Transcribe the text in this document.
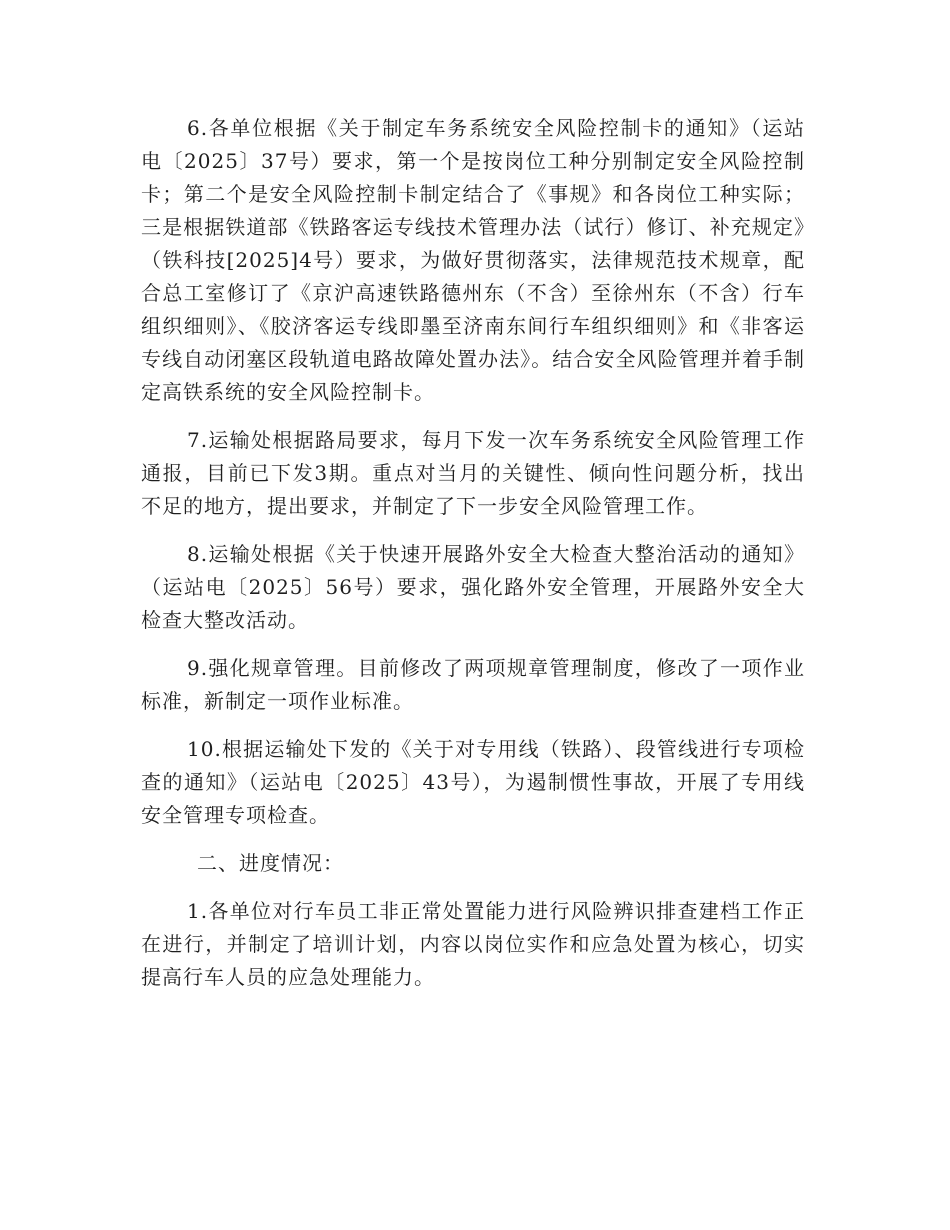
6.各单位根据《关于制定车务系统安全风险控制卡的通知》（运站电〔2025〕37号）要求，第一个是按岗位工种分别制定安全风险控制卡；第二个是安全风险控制卡制定结合了《事规》和各岗位工种实际；三是根据铁道部《铁路客运专线技术管理办法（试行）修订、补充规定》（铁科技[2025]4号）要求，为做好贯彻落实，法律规范技术规章，配合总工室修订了《京沪高速铁路德州东（不含）至徐州东（不含）行车组织细则》、《胶济客运专线即墨至济南东间行车组织细则》和《非客运专线自动闭塞区段轨道电路故障处置办法》。结合安全风险管理并着手制定高铁系统的安全风险控制卡。

7.运输处根据路局要求，每月下发一次车务系统安全风险管理工作通报，目前已下发3期。重点对当月的关键性、倾向性问题分析，找出不足的地方，提出要求，并制定了下一步安全风险管理工作。

8.运输处根据《关于快速开展路外安全大检查大整治活动的通知》（运站电〔2025〕56号）要求，强化路外安全管理，开展路外安全大检查大整改活动。

9.强化规章管理。目前修改了两项规章管理制度，修改了一项作业标准，新制定一项作业标准。

10.根据运输处下发的《关于对专用线（铁路）、段管线进行专项检查的通知》（运站电〔2025〕43号），为遏制惯性事故，开展了专用线安全管理专项检查。

二、进度情况：

1.各单位对行车员工非正常处置能力进行风险辨识排查建档工作正在进行，并制定了培训计划，内容以岗位实作和应急处置为核心，切实提高行车人员的应急处理能力。
